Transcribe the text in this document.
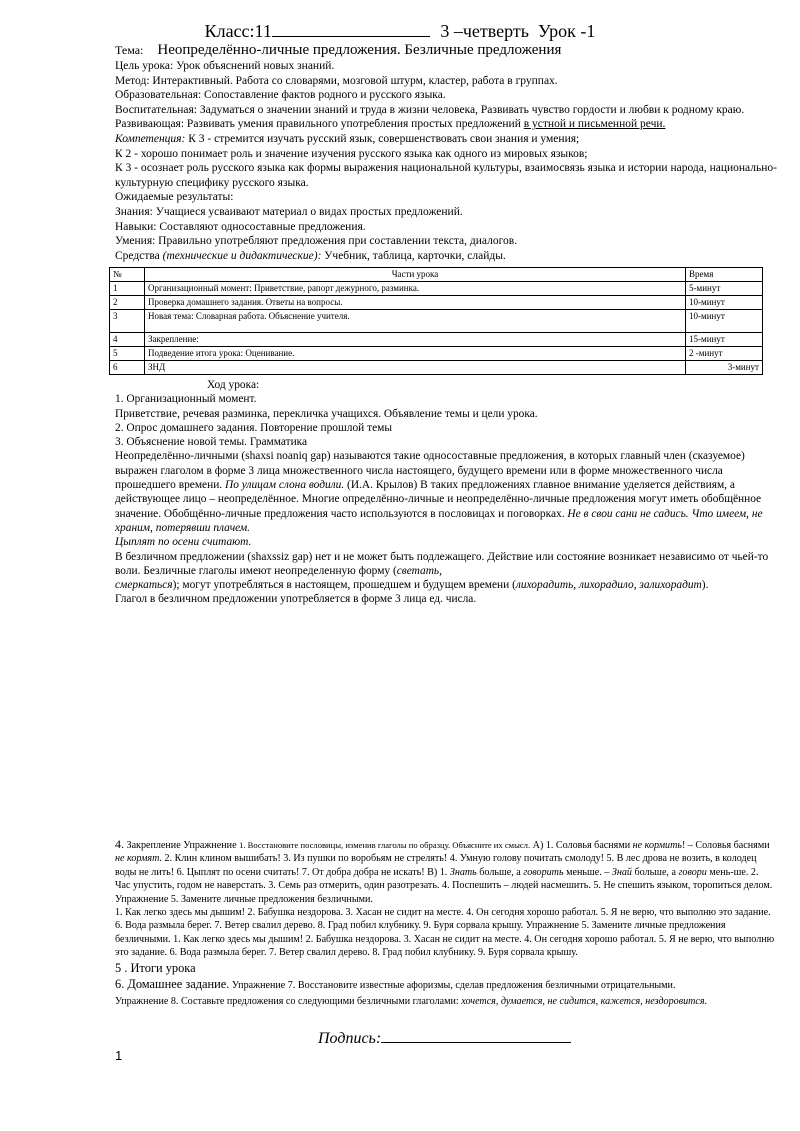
Класс:11	3 –четверть Урок -1
Тема: Неопределённо-личные предложения. Безличные предложения
Цель урока: Урок объяснений новых знаний.
Метод: Интерактивный. Работа со словарями, мозговой штурм, кластер, работа в группах.
Образовательная: Сопоставление фактов родного и русского языка.
Воспитательная: Задуматься о значении знаний и труда в жизни человека, Развивать чувство гордости и любви к родному краю.
Развивающая: Развивать умения правильного употребления простых предложений в устной и письменной речи.
Компетенция: К 3 - стремится изучать русский язык, совершенствовать свои знания и умения;
К 2 - хорошо понимает роль и значение изучения русского языка как одного из мировых языков;
К 3 - осознает роль русского языка как формы выражения национальной культуры, взаимосвязь языка и истории народа, национально-культурную специфику русского языка.
Ожидаемые результаты:
Знания: Учащиеся усваивают материал о видах простых предложений.
Навыки: Составляют односоставные предложения.
Умения: Правильно употребляют предложения при составлении текста, диалогов.
Средства (технические и дидактические): Учебник, таблица, карточки, слайды.
№	Части урока	Время
1	Организационный момент: Приветствие, рапорт дежурного, разминка.	5-минут
2	Проверка домашнего задания. Ответы на вопросы.	10-минут
3	Новая тема: Словарная работа. Объяснение учителя.	10-минут
4	Закрепление:	15-минут
5	Подведение итога урока: Оценивание.	2 -минут
6	ЗНД	3-минут

Ход урока:

1. Организационный момент.

Приветствие, речевая разминка, перекличка учащихся. Объявление темы и цели урока.

2. Опрос домашнего задания. Повторение прошлой темы

3. Объяснение новой темы. Грамматика

Неопределённо-личными (shaxsi noaniq gap) называются такие односоставные предложения, в которых главный член (сказуемое) выражен глаголом в форме 3 лица множественного числа настоящего, будущего времени или в форме множественного числа прошедшего времени. По улицам слона водили. (И.А. Крылов) В таких предложениях главное внимание уделяется действиям, а действующее лицо – неопределённое. Многие определённо-личные и неопределённо-личные предложения могут иметь обобщённое значение. Обобщённо-личные предложения часто используются в пословицах и поговорках. Не в свои сани не садись. Что имеем, не храним, потерявши плачем.

Цыплят по осени считают.

В безличном предложении (shaxssiz gap) нет и не может быть подлежащего. Действие или состояние возникает независимо от чьей-то воли. Безличные глаголы имеют неопределенную форму (светать,
смеркаться); могут употребляться в настоящем, прошедшем и будущем времени (лихорадить, лихорадило, залихорадит).

Глагол в безличном предложении употребляется в форме 3 лица ед. числа.

4. Закрепление Упражнение 1. Восстановите пословицы, изменив глаголы по образцу. Объясните их смысл. А) 1. Соловья баснями не кормить! – Соловья баснями не кормят. 2. Клин клином вышибать! 3. Из пушки по воробьям не стрелять! 4. Умную голову почитать смолоду! 5. В лес дрова не возить, в колодец воды не лить! 6. Цыплят по осени считать! 7. От добра добра не искать! В) 1. Знать больше, а говорить меньше. – Знай больше, а говори мень-ше. 2. Час упустить, годом не наверстать. 3. Семь раз отмерить, один разотрезать. 4. Поспешить – людей насмешить. 5. Не спешить языком, торопиться делом.

Упражнение 5. Замените личные предложения безличными.

1. Как легко здесь мы дышим! 2. Бабушка нездорова. 3. Хасан не сидит на месте. 4. Он сегодня хорошо работал. 5. Я не верю, что выполню это задание. 6. Вода размыла берег. 7. Ветер свалил дерево. 8. Град побил клубнику. 9. Буря сорвала крышу. Упражнение 5. Замените личные предложения безличными. 1. Как легко здесь мы дышим! 2. Бабушка нездорова. 3. Хасан не сидит на месте. 4. Он сегодня хорошо работал. 5. Я не верю, что выполню это задание. 6. Вода размыла берег. 7. Ветер свалил дерево. 8. Град побил клубнику. 9. Буря сорвала крышу.

5 . Итоги урока

6. Домашнее задание. Упражнение 7. Восстановите известные афоризмы, сделав предложения безличными отрицательными.

Упражнение 8. Составьте предложения со следующими безличными глаголами: хочется, думается, не сидится, кажется, нездоровится.

Подпись:
1
